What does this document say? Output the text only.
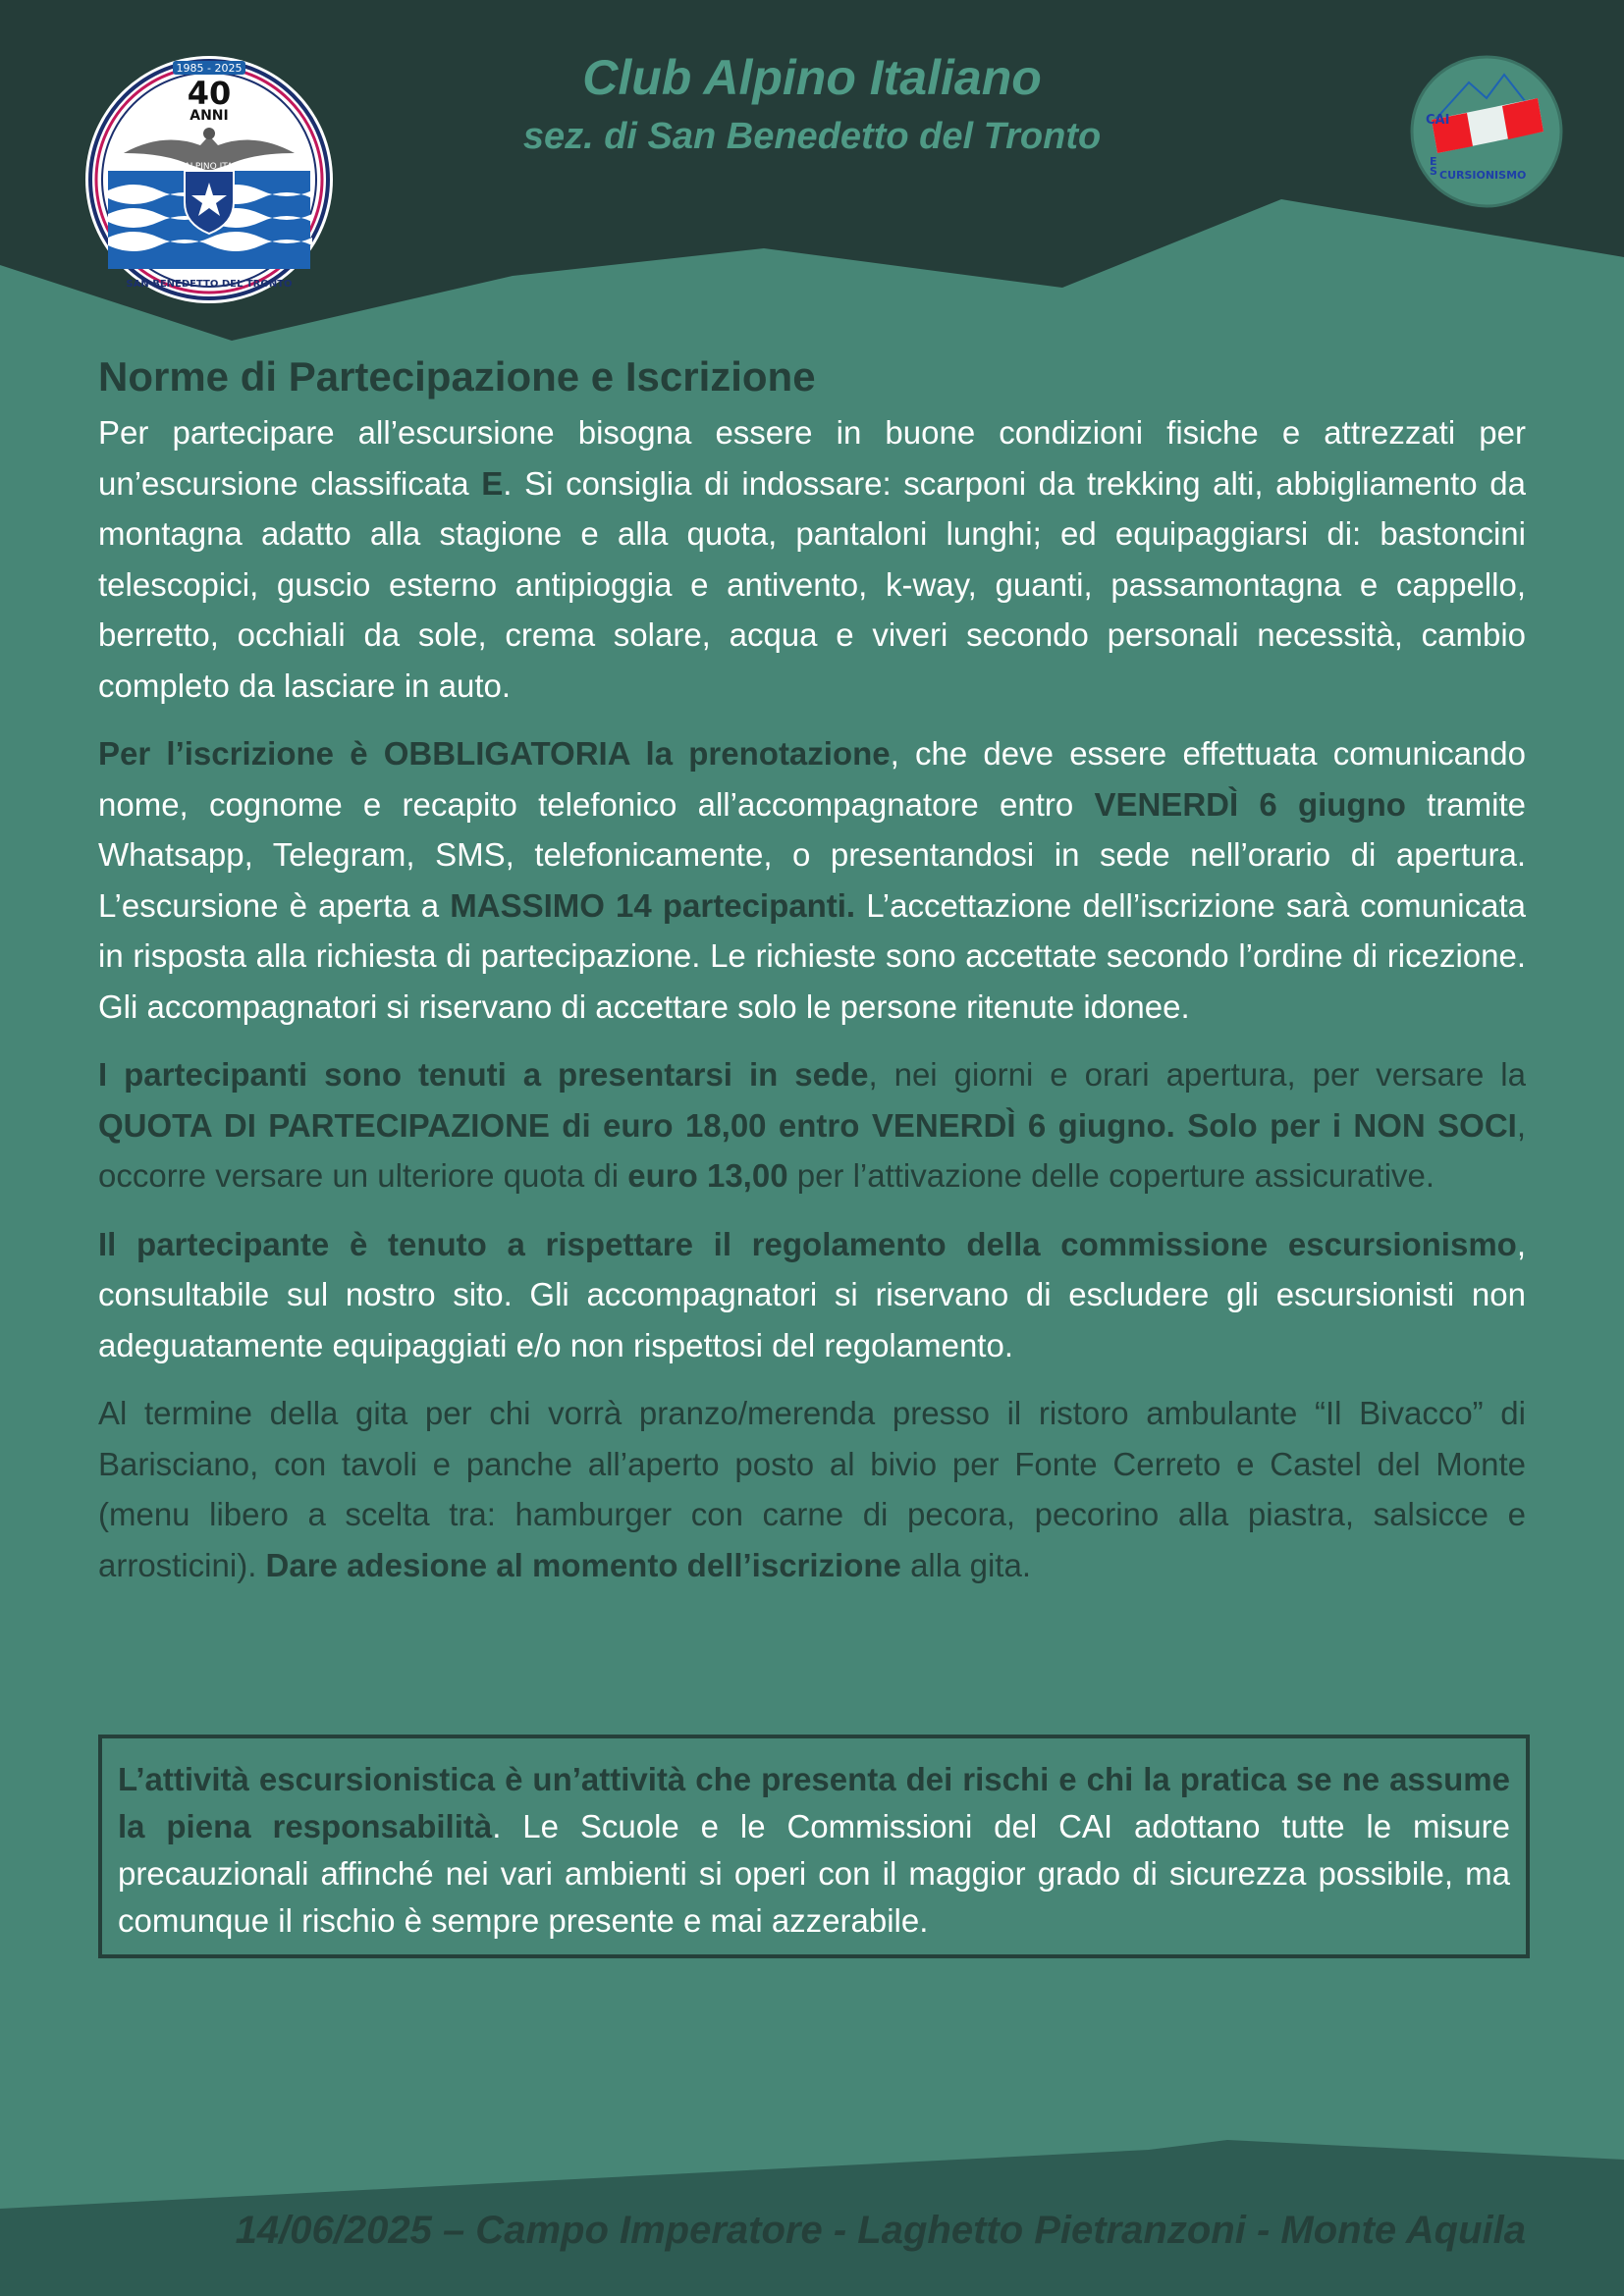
Club Alpino Italiano
sez. di San Benedetto del Tronto
1985 - 2025
40
ANNI
CLUB ALPINO ITALIANO
SAN BENEDETTO DEL TRONTO
CAI
E
S CURSIONISMO
Norme di Partecipazione e Iscrizione

Per partecipare all’escursione bisogna essere in buone condizioni fisiche e attrezzati per un’escursione classificata E. Si consiglia di indossare: scarponi da trekking alti, abbigliamento da montagna adatto alla stagione e alla quota, pantaloni lunghi; ed equipaggiarsi di: bastoncini telescopici, guscio esterno antipioggia e antivento, k-way, guanti, passamontagna e cappello, berretto, occhiali da sole, crema solare, acqua e viveri secondo personali necessità, cambio completo da lasciare in auto.

Per l’iscrizione è OBBLIGATORIA la prenotazione, che deve essere effettuata comunicando nome, cognome e recapito telefonico all’accompagnatore entro VENERDÌ 6 giugno tramite Whatsapp, Telegram, SMS, telefonicamente, o presentandosi in sede nell’orario di apertura. L’escursione è aperta a MASSIMO 14 partecipanti. L’accettazione dell’iscrizione sarà comunicata in risposta alla richiesta di partecipazione. Le richieste sono accettate secondo l’ordine di ricezione. Gli accompagnatori si riservano di accettare solo le persone ritenute idonee.

I partecipanti sono tenuti a presentarsi in sede, nei giorni e orari apertura, per versare la QUOTA DI PARTECIPAZIONE di euro 18,00 entro VENERDÌ 6 giugno. Solo per i NON SOCI, occorre versare un ulteriore quota di euro 13,00 per l’attivazione delle coperture assicurative.

Il partecipante è tenuto a rispettare il regolamento della commissione escursionismo, consultabile sul nostro sito. Gli accompagnatori si riservano di escludere gli escursionisti non adeguatamente equipaggiati e/o non rispettosi del regolamento.

Al termine della gita per chi vorrà pranzo/merenda presso il ristoro ambulante “Il Bivacco” di Barisciano, con tavoli e panche all’aperto posto al bivio per Fonte Cerreto e Castel del Monte (menu libero a scelta tra: hamburger con carne di pecora, pecorino alla piastra, salsicce e arrosticini). Dare adesione al momento dell’iscrizione alla gita.

L’attività escursionistica è un’attività che presenta dei rischi e chi la pratica se ne assume la piena responsabilità. Le Scuole e le Commissioni del CAI adottano tutte le misure precauzionali affinché nei vari ambienti si operi con il maggior grado di sicurezza possibile, ma comunque il rischio è sempre presente e mai azzerabile.
14/06/2025 – Campo Imperatore - Laghetto Pietranzoni - Monte Aquila
